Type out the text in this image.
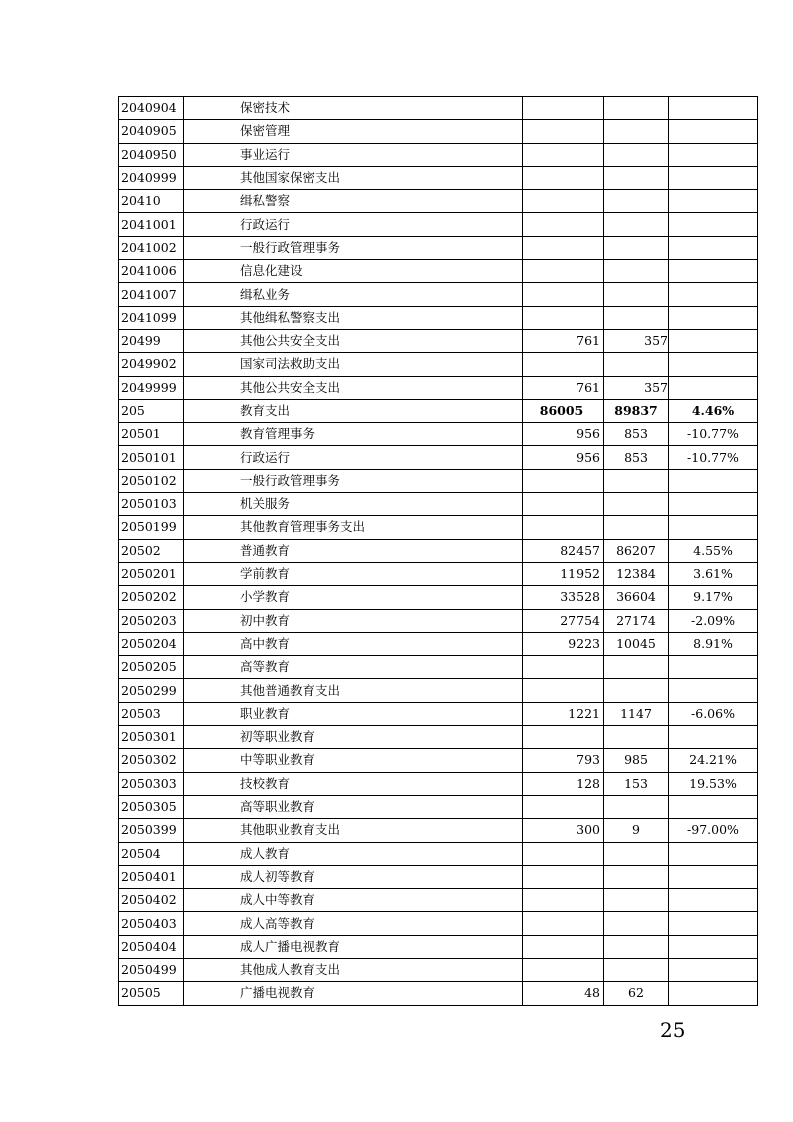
2040904	保密技术			
2040905	保密管理			
2040950	事业运行			
2040999	其他国家保密支出			
20410	缉私警察			
2041001	行政运行			
2041002	一般行政管理事务			
2041006	信息化建设			
2041007	缉私业务			
2041099	其他缉私警察支出			
20499	其他公共安全支出	761	357	
2049902	国家司法救助支出			
2049999	其他公共安全支出	761	357	
205	教育支出	86005	89837	4.46%
20501	教育管理事务	956	853	-10.77%
2050101	行政运行	956	853	-10.77%
2050102	一般行政管理事务			
2050103	机关服务			
2050199	其他教育管理事务支出			
20502	普通教育	82457	86207	4.55%
2050201	学前教育	11952	12384	3.61%
2050202	小学教育	33528	36604	9.17%
2050203	初中教育	27754	27174	-2.09%
2050204	高中教育	9223	10045	8.91%
2050205	高等教育			
2050299	其他普通教育支出			
20503	职业教育	1221	1147	-6.06%
2050301	初等职业教育			
2050302	中等职业教育	793	985	24.21%
2050303	技校教育	128	153	19.53%
2050305	高等职业教育			
2050399	其他职业教育支出	300	9	-97.00%
20504	成人教育			
2050401	成人初等教育			
2050402	成人中等教育			
2050403	成人高等教育			
2050404	成人广播电视教育			
2050499	其他成人教育支出			
20505	广播电视教育	48	62	
25
